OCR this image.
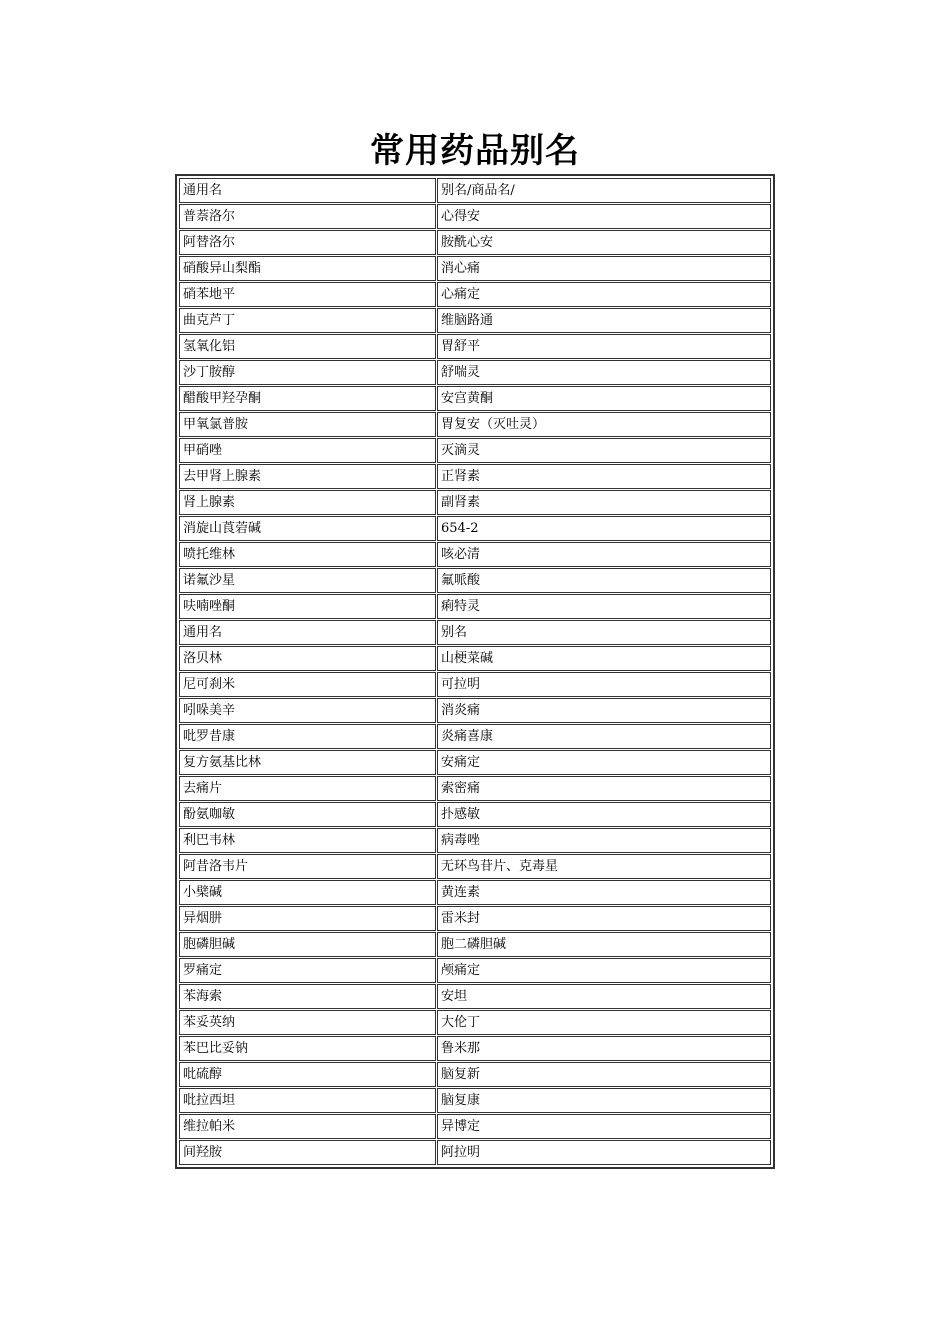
常用药品别名
通用名	别名/商品名/
普萘洛尔	心得安
阿替洛尔	胺酰心安
硝酸异山梨酯	消心痛
硝苯地平	心痛定
曲克芦丁	维脑路通
氢氧化铝	胃舒平
沙丁胺醇	舒喘灵
醋酸甲羟孕酮	安宫黄酮
甲氧氯普胺	胃复安（灭吐灵）
甲硝唑	灭滴灵
去甲肾上腺素	正肾素
肾上腺素	副肾素
消旋山莨菪碱	654-2
喷托维林	咳必清
诺氟沙星	氟哌酸
呋喃唑酮	痢特灵
通用名	别名
洛贝林	山梗菜碱
尼可刹米	可拉明
吲哚美辛	消炎痛
吡罗昔康	炎痛喜康
复方氨基比林	安痛定
去痛片	索密痛
酚氨咖敏	扑感敏
利巴韦林	病毒唑
阿昔洛韦片	无环鸟苷片、克毒星
小檗碱	黄连素
异烟肼	雷米封
胞磷胆碱	胞二磷胆碱
罗痛定	颅痛定
苯海索	安坦
苯妥英纳	大伦丁
苯巴比妥钠	鲁米那
吡硫醇	脑复新
吡拉西坦	脑复康
维拉帕米	异博定
间羟胺	阿拉明
